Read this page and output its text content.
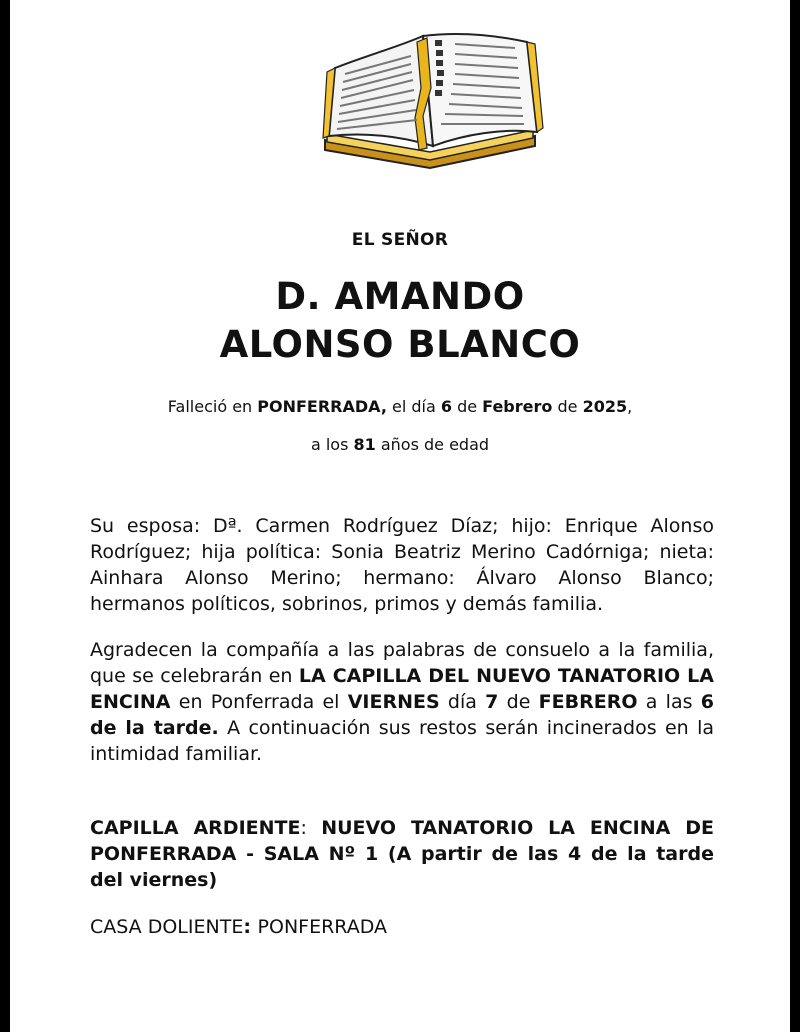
EL SEÑOR
D. AMANDO
ALONSO BLANCO
Falleció en PONFERRADA, el día 6 de Febrero de 2025,
a los 81 años de edad
Su esposa: Dª. Carmen Rodríguez Díaz; hijo: Enrique Alonso Rodríguez; hija política: Sonia Beatriz Merino Cadórniga; nieta: Ainhara Alonso Merino; hermano: Álvaro Alonso Blanco; hermanos políticos, sobrinos, primos y demás familia.
Agradecen la compañía a las palabras de consuelo a la familia, que se celebrarán en LA CAPILLA DEL NUEVO TANATORIO LA ENCINA en Ponferrada el VIERNES día 7 de FEBRERO a las 6 de la tarde. A continuación sus restos serán incinerados en la intimidad familiar.
CAPILLA ARDIENTE: NUEVO TANATORIO LA ENCINA DE PONFERRADA - SALA Nº 1 (A partir de las 4 de la tarde del viernes)
CASA DOLIENTE: PONFERRADA
